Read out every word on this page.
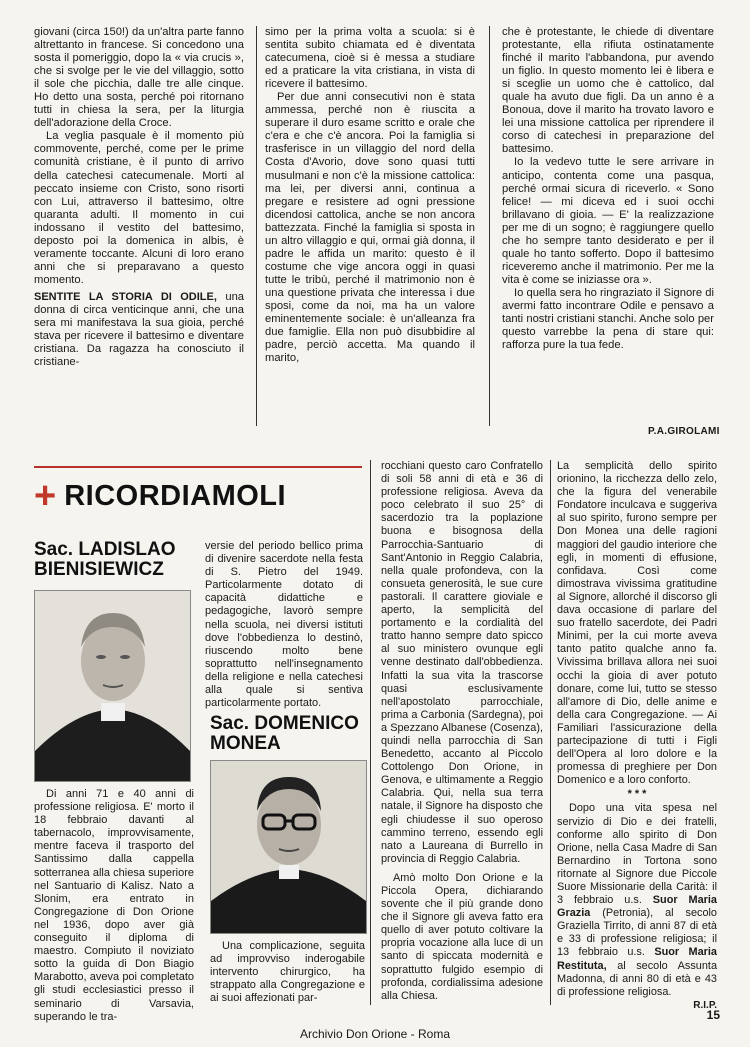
giovani (circa 150!) da un'altra parte fanno altrettanto in francese. Si concedono una sosta il pomeriggio, dopo la « via crucis », che si svolge per le vie del villaggio, sotto il sole che picchia, dalle tre alle cinque. Ho detto una sosta, perché poi ritornano tutti in chiesa la sera, per la liturgia dell'adorazione della Croce.

La veglia pasquale è il momento più commovente, perché, come per le prime comunità cristiane, è il punto di arrivo della catechesi catecumenale. Morti al peccato insieme con Cristo, sono risorti con Lui, attraverso il battesimo, oltre quaranta adulti. Il momento in cui indossano il vestito del battesimo, deposto poi la domenica in albis, è veramente toccante. Alcuni di loro erano anni che si preparavano a questo momento.

SENTITE LA STORIA DI ODILE, una donna di circa venticinque anni, che una sera mi manifestava la sua gioia, perché stava per ricevere il battesimo e diventare cristiana. Da ragazza ha conosciuto il cristiane-

simo per la prima volta a scuola: si è sentita subito chiamata ed è diventata catecumena, cioè si è messa a studiare ed a praticare la vita cristiana, in vista di ricevere il battesimo.

Per due anni consecutivi non è stata ammessa, perché non è riuscita a superare il duro esame scritto e orale che c'era e che c'è ancora. Poi la famiglia si trasferisce in un villaggio del nord della Costa d'Avorio, dove sono quasi tutti musulmani e non c'è la missione cattolica: ma lei, per diversi anni, continua a pregare e resistere ad ogni pressione dicendosi cattolica, anche se non ancora battezzata. Finché la famiglia si sposta in un altro villaggio e qui, ormai già donna, il padre le affida un marito: questo è il costume che vige ancora oggi in quasi tutte le tribù, perché il matrimonio non è una questione privata che interessa i due sposi, come da noi, ma ha un valore eminentemente sociale: è un'alleanza fra due famiglie. Ella non può disubbidire al padre, perciò accetta. Ma quando il marito,

che è protestante, le chiede di diventare protestante, ella rifiuta ostinatamente finché il marito l'abbandona, pur avendo un figlio. In questo momento lei è libera e si sceglie un uomo che è cattolico, dal quale ha avuto due figli. Da un anno è a Bonoua, dove il marito ha trovato lavoro e lei una missione cattolica per riprendere il corso di catechesi in preparazione del battesimo.

Io la vedevo tutte le sere arrivare in anticipo, contenta come una pasqua, perché ormai sicura di riceverlo. « Sono felice! — mi diceva ed i suoi occhi brillavano di gioia. — E' la realizzazione per me di un sogno; è raggiungere quello che ho sempre tanto desiderato e per il quale ho tanto sofferto. Dopo il battesimo riceveremo anche il matrimonio. Per me la vita è come se iniziasse ora ».

Io quella sera ho ringraziato il Signore di avermi fatto incontrare Odile e pensavo a tanti nostri cristiani stanchi. Anche solo per questo varrebbe la pena di stare qui: rafforza pure la tua fede.

P.A.GIROLAMI
+ RICORDIAMOLI
Sac. LADISLAO
BIENISIEWICZ

Di anni 71 e 40 anni di professione religiosa. E' morto il 18 febbraio davanti al tabernacolo, improvvisamente, mentre faceva il trasporto del Santissimo dalla cappella sotterranea alla chiesa superiore nel Santuario di Kalisz. Nato a Slonim, era entrato in Congregazione di Don Orione nel 1936, dopo aver già conseguito il diploma di maestro. Compiuto il noviziato sotto la guida di Don Biagio Marabotto, aveva poi completato gli studi ecclesiastici presso il seminario di Varsavia, superando le tra-

versie del periodo bellico prima di divenire sacerdote nella festa di S. Pietro del 1949. Particolarmente dotato di capacità didattiche e pedagogiche, lavorò sempre nella scuola, nei diversi istituti dove l'obbedienza lo destinò, riuscendo molto bene soprattutto nell'insegnamento della religione e nella catechesi alla quale si sentiva particolarmente portato.

Sac. DOMENICO
MONEA

Una complicazione, seguita ad improvviso inderogabile intervento chirurgico, ha strappato alla Congregazione e ai suoi affezionati par-

rocchiani questo caro Confratello di soli 58 anni di età e 36 di professione religiosa. Aveva da poco celebrato il suo 25° di sacerdozio tra la poplazione buona e bisognosa della Parrocchia-Santuario di Sant'Antonio in Reggio Calabria, nella quale profondeva, con la consueta generosità, le sue cure pastorali. Il carattere gioviale e aperto, la semplicità del portamento e la cordialità del tratto hanno sempre dato spicco al suo ministero ovunque egli venne destinato dall'obbedienza. Infatti la sua vita la trascorse quasi esclusivamente nell'apostolato parrocchiale, prima a Carbonia (Sardegna), poi a Spezzano Albanese (Cosenza), quindi nella parrocchia di San Benedetto, accanto al Piccolo Cottolengo Don Orione, in Genova, e ultimamente a Reggio Calabria. Qui, nella sua terra natale, il Signore ha disposto che egli chiudesse il suo operoso cammino terreno, essendo egli nato a Laureana di Burrello in provincia di Reggio Calabria.

Amò molto Don Orione e la Piccola Opera, dichiarando sovente che il più grande dono che il Signore gli aveva fatto era quello di aver potuto coltivare la propria vocazione alla luce di un santo di spiccata modernità e soprattutto fulgido esempio di profonda, cordialissima adesione alla Chiesa.

La semplicità dello spirito orionino, la ricchezza dello zelo, che la figura del venerabile Fondatore inculcava e suggeriva al suo spirito, furono sempre per Don Monea una delle ragioni maggiori del gaudio interiore che egli, in momenti di effusione, confidava. Così come dimostrava vivissima gratitudine al Signore, allorché il discorso gli dava occasione di parlare del suo fratello sacerdote, dei Padri Minimi, per la cui morte aveva tanto patito qualche anno fa. Vivissima brillava allora nei suoi occhi la gioia di aver potuto donare, come lui, tutto se stesso all'amore di Dio, delle anime e della cara Congregazione. — Ai Familiari l'assicurazione della partecipazione di tutti i Figli dell'Opera al loro dolore e la promessa di preghiere per Don Domenico e a loro conforto.

* * *

Dopo una vita spesa nel servizio di Dio e dei fratelli, conforme allo spirito di Don Orione, nella Casa Madre di San Bernardino in Tortona sono ritornate al Signore due Piccole Suore Missionarie della Carità: il 3 febbraio u.s. Suor Maria Grazia (Petronia), al secolo Graziella Tirrito, di anni 87 di età e 33 di professione religiosa; il 13 febbraio u.s. Suor Maria Restituta, al secolo Assunta Madonna, di anni 80 di età e 43 di professione religiosa.

R.I.P.
15
Archivio Don Orione - Roma
